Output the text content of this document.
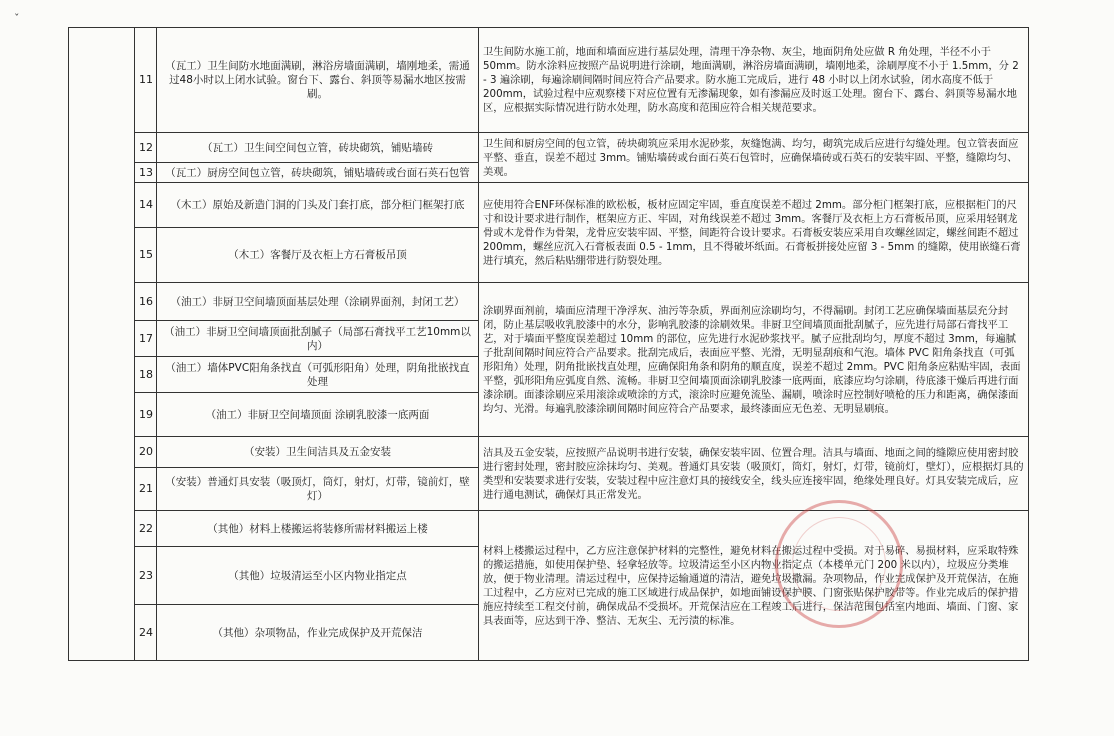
ˇ
	11	（瓦工）卫生间防水地面满刷，淋浴房墙面满刷，墙刚地柔，需通过48小时以上闭水试验。窗台下、露台、斜顶等易漏水地区按需刷。	卫生间防水施工前，地面和墙面应进行基层处理，清理干净杂物、灰尘，地面阴角处应做 R 角处理，半径不小于 50mm。防水涂料应按照产品说明进行涂刷，地面满刷，淋浴房墙面满刷，墙刚地柔，涂刷厚度不小于 1.5mm，分 2 - 3 遍涂刷，每遍涂刷间隔时间应符合产品要求。防水施工完成后，进行 48 小时以上闭水试验，闭水高度不低于 200mm，试验过程中应观察楼下对应位置有无渗漏现象，如有渗漏应及时返工处理。窗台下、露台、斜顶等易漏水地区，应根据实际情况进行防水处理，防水高度和范围应符合相关规范要求。
	12	（瓦工）卫生间空间包立管，砖块砌筑，铺贴墙砖	卫生间和厨房空间的包立管，砖块砌筑应采用水泥砂浆，灰缝饱满、均匀，砌筑完成后应进行勾缝处理。包立管表面应平整、垂直，误差不超过 3mm。铺贴墙砖或台面石英石包管时，应确保墙砖或石英石的安装牢固、平整，缝隙均匀、美观。
	13	（瓦工）厨房空间包立管，砖块砌筑，铺贴墙砖或台面石英石包管	
	14	（木工）原始及新造门洞的门头及门套打底，部分柜门框架打底	应使用符合ENF环保标准的欧松板，板材应固定牢固，垂直度误差不超过 2mm。部分柜门框架打底，应根据柜门的尺寸和设计要求进行制作，框架应方正、牢固，对角线误差不超过 3mm。客餐厅及衣柜上方石膏板吊顶，应采用轻钢龙骨或木龙骨作为骨架，龙骨应安装牢固、平整，间距符合设计要求。石膏板安装应采用自攻螺丝固定，螺丝间距不超过 200mm，螺丝应沉入石膏板表面 0.5 - 1mm，且不得破坏纸面。石膏板拼接处应留 3 - 5mm 的缝隙，使用嵌缝石膏进行填充，然后粘贴绷带进行防裂处理。
	15	（木工）客餐厅及衣柜上方石膏板吊顶	
	16	（油工）非厨卫空间墙顶面基层处理（涂刷界面剂，封闭工艺）	涂刷界面剂前，墙面应清理干净浮灰、油污等杂质，界面剂应涂刷均匀，不得漏刷。封闭工艺应确保墙面基层充分封闭，防止基层吸收乳胶漆中的水分，影响乳胶漆的涂刷效果。非厨卫空间墙顶面批刮腻子，应先进行局部石膏找平工艺，对于墙面平整度误差超过 10mm 的部位，应先进行水泥砂浆找平。腻子应批刮均匀，厚度不超过 3mm，每遍腻子批刮间隔时间应符合产品要求。批刮完成后，表面应平整、光滑，无明显刮痕和气泡。墙体 PVC 阳角条找直（可弧形阳角）处理，阴角批嵌找直处理，应确保阳角条和阴角的顺直度，误差不超过 2mm。PVC 阳角条应粘贴牢固，表面平整，弧形阳角应弧度自然、流畅。非厨卫空间墙顶面涂刷乳胶漆一底两面，底漆应均匀涂刷，待底漆干燥后再进行面漆涂刷。面漆涂刷应采用滚涂或喷涂的方式，滚涂时应避免流坠、漏刷，喷涂时应控制好喷枪的压力和距离，确保漆面均匀、光滑。每遍乳胶漆涂刷间隔时间应符合产品要求，最终漆面应无色差、无明显刷痕。
	17	（油工）非厨卫空间墙顶面批刮腻子（局部石膏找平工艺10mm以内）	
	18	（油工）墙体PVC阳角条找直（可弧形阳角）处理，阴角批嵌找直处理	
	19	（油工）非厨卫空间墙顶面 涂刷乳胶漆一底两面	
	20	（安装）卫生间洁具及五金安装	洁具及五金安装，应按照产品说明书进行安装，确保安装牢固、位置合理。洁具与墙面、地面之间的缝隙应使用密封胶进行密封处理，密封胶应涂抹均匀、美观。普通灯具安装（吸顶灯，筒灯，射灯，灯带，镜前灯，壁灯），应根据灯具的类型和安装要求进行安装，安装过程中应注意灯具的接线安全，线头应连接牢固，绝缘处理良好。灯具安装完成后，应进行通电测试，确保灯具正常发光。
	21	（安装）普通灯具安装（吸顶灯，筒灯，射灯，灯带，镜前灯，壁灯）	
	22	（其他）材料上楼搬运将装修所需材料搬运上楼	材料上楼搬运过程中，乙方应注意保护材料的完整性，避免材料在搬运过程中受损。对于易碎、易损材料，应采取特殊的搬运措施，如使用保护垫、轻拿轻放等。垃圾清运至小区内物业指定点（本楼单元门 200 米以内），垃圾应分类堆放，便于物业清理。清运过程中，应保持运输通道的清洁，避免垃圾撒漏。杂项物品，作业完成保护及开荒保洁，在施工过程中，乙方应对已完成的施工区域进行成品保护，如地面铺设保护膜、门窗张贴保护胶带等。作业完成后的保护措施应持续至工程交付前，确保成品不受损坏。开荒保洁应在工程竣工后进行，保洁范围包括室内地面、墙面、门窗、家具表面等，应达到干净、整洁、无灰尘、无污渍的标准。
	23	（其他）垃圾清运至小区内物业指定点	
	24	（其他）杂项物品，作业完成保护及开荒保洁	
